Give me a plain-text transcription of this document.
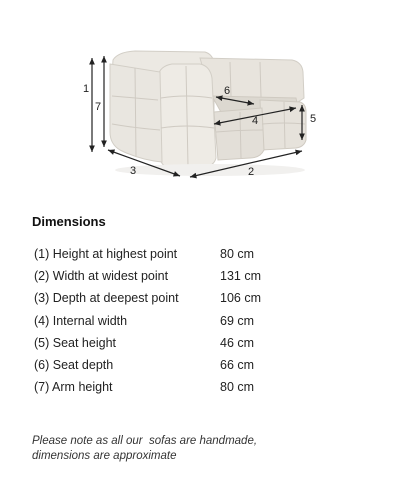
1
7
3	2
5
6
4
Dimensions
(1) Height at highest point	80 cm
(2) Width at widest point	131 cm
(3) Depth at deepest point	106 cm
(4) Internal width	69 cm
(5) Seat height	46 cm
(6) Seat depth	66 cm
(7) Arm height	80 cm
Please note as all our  sofas are handmade,
dimensions are approximate
